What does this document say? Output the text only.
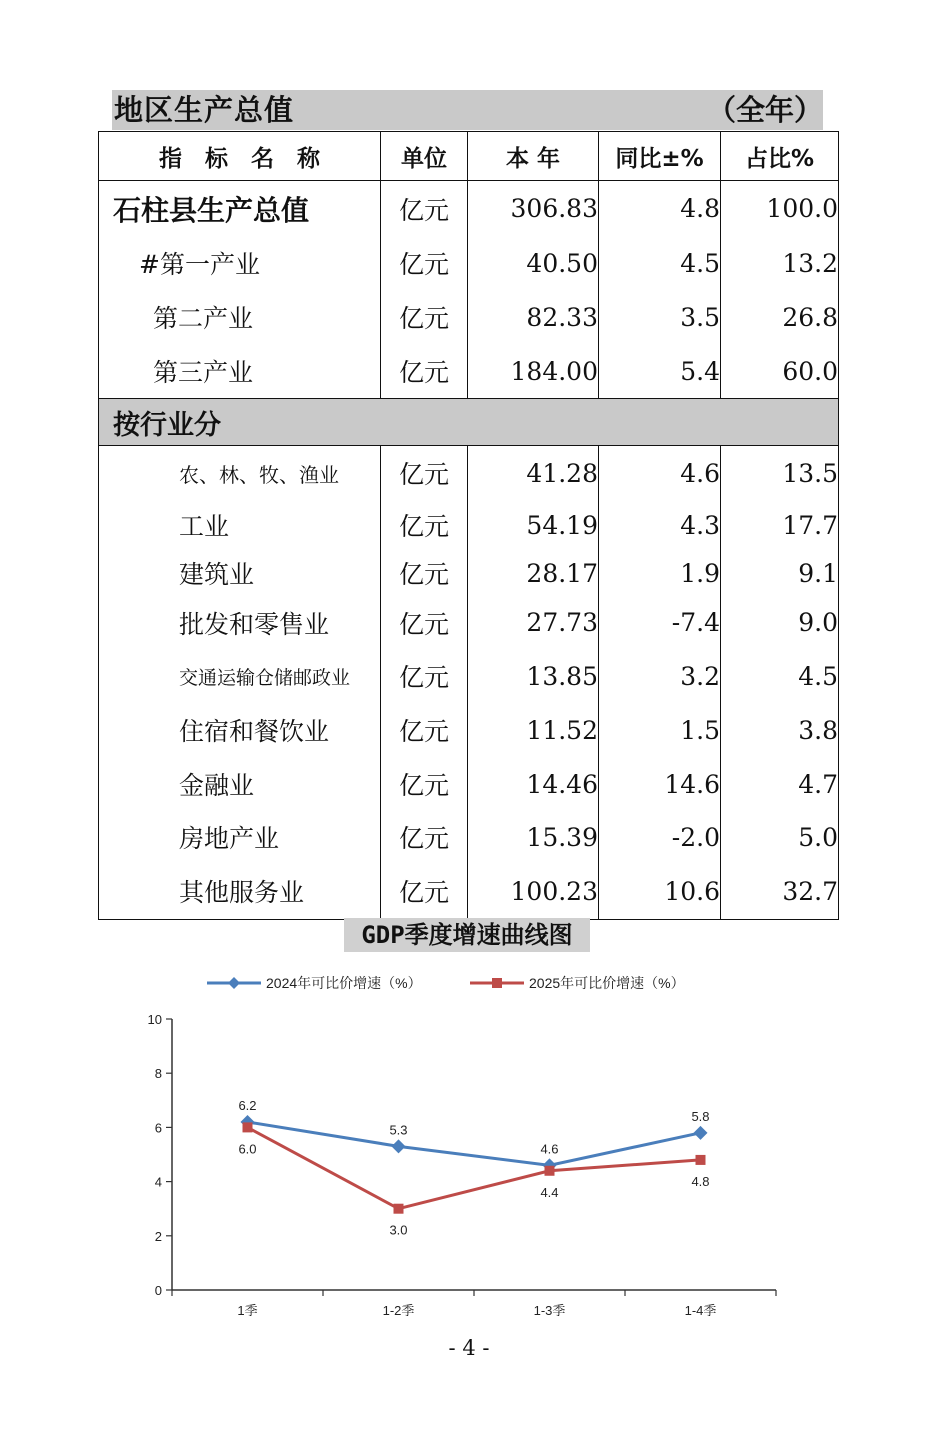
地区生产总值	（全年）
指　标　名　称	单位	本 年	同比±%	占比%
石柱县生产总值	亿元	306.83	4.8	100.0
#第一产业	亿元	40.50	4.5	13.2
第二产业	亿元	82.33	3.5	26.8
第三产业	亿元	184.00	5.4	60.0
按行业分				
农、林、牧、渔业	亿元	41.28	4.6	13.5
工业	亿元	54.19	4.3	17.7
建筑业	亿元	28.17	1.9	9.1
批发和零售业	亿元	27.73	-7.4	9.0
交通运输仓储邮政业	亿元	13.85	3.2	4.5
住宿和餐饮业	亿元	11.52	1.5	3.8
金融业	亿元	14.46	14.6	4.7
房地产业	亿元	15.39	-2.0	5.0
其他服务业	亿元	100.23	10.6	32.7
GDP季度增速曲线图
0
2
4
6
8
10
1季	1-2季	1-3季	1-4季
2024年可比价增速（%）	2025年可比价增速（%）
6.2
5.3
4.6
5.8
6.0
3.0
4.4
4.8
- 4 -
